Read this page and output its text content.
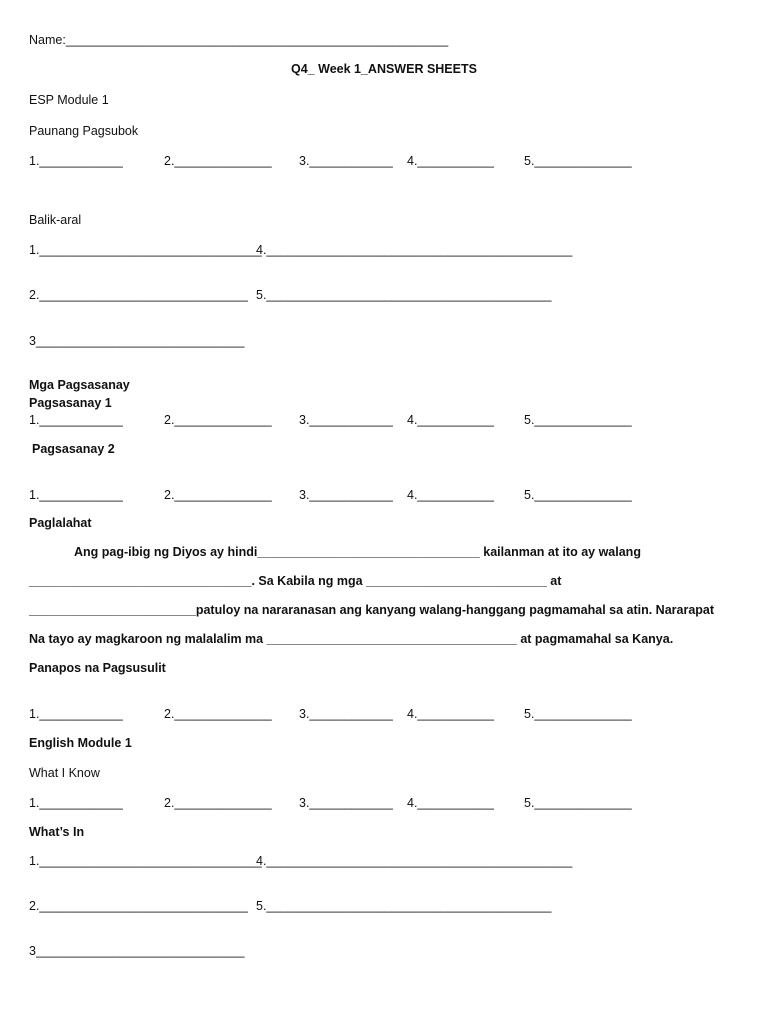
Name:_______________________________________________________
Q4_ Week 1_ANSWER SHEETS
ESP Module 1
Paunang Pagsubok
1.____________	2.______________ 3.____________ 4.___________ 5.______________
Balik-aral
1.________________________________
4.____________________________________________
2.______________________________ 5._________________________________________
3______________________________
Mga Pagsasanay
Pagsasanay 1
1.____________	2.______________ 3.____________ 4.___________ 5.______________
Pagsasanay 2
1.____________	2.______________ 3.____________ 4.___________ 5.______________
Paglalahat
Ang pag-ibig ng Diyos ay hindi________________________________ kailanman at ito ay walang
________________________________. Sa Kabila ng mga __________________________ at
________________________patuloy na nararanasan ang kanyang walang-hanggang pagmamahal sa atin. Nararapat
Na tayo ay magkaroon ng malalalim ma ____________________________________ at pagmamahal sa Kanya.
Panapos na Pagsusulit
1.____________	2.______________ 3.____________ 4.___________ 5.______________
English Module 1
What I Know
1.____________	2.______________ 3.____________ 4.___________ 5.______________
What’s In
1.________________________________
4.____________________________________________
2.______________________________ 5._________________________________________
3______________________________
